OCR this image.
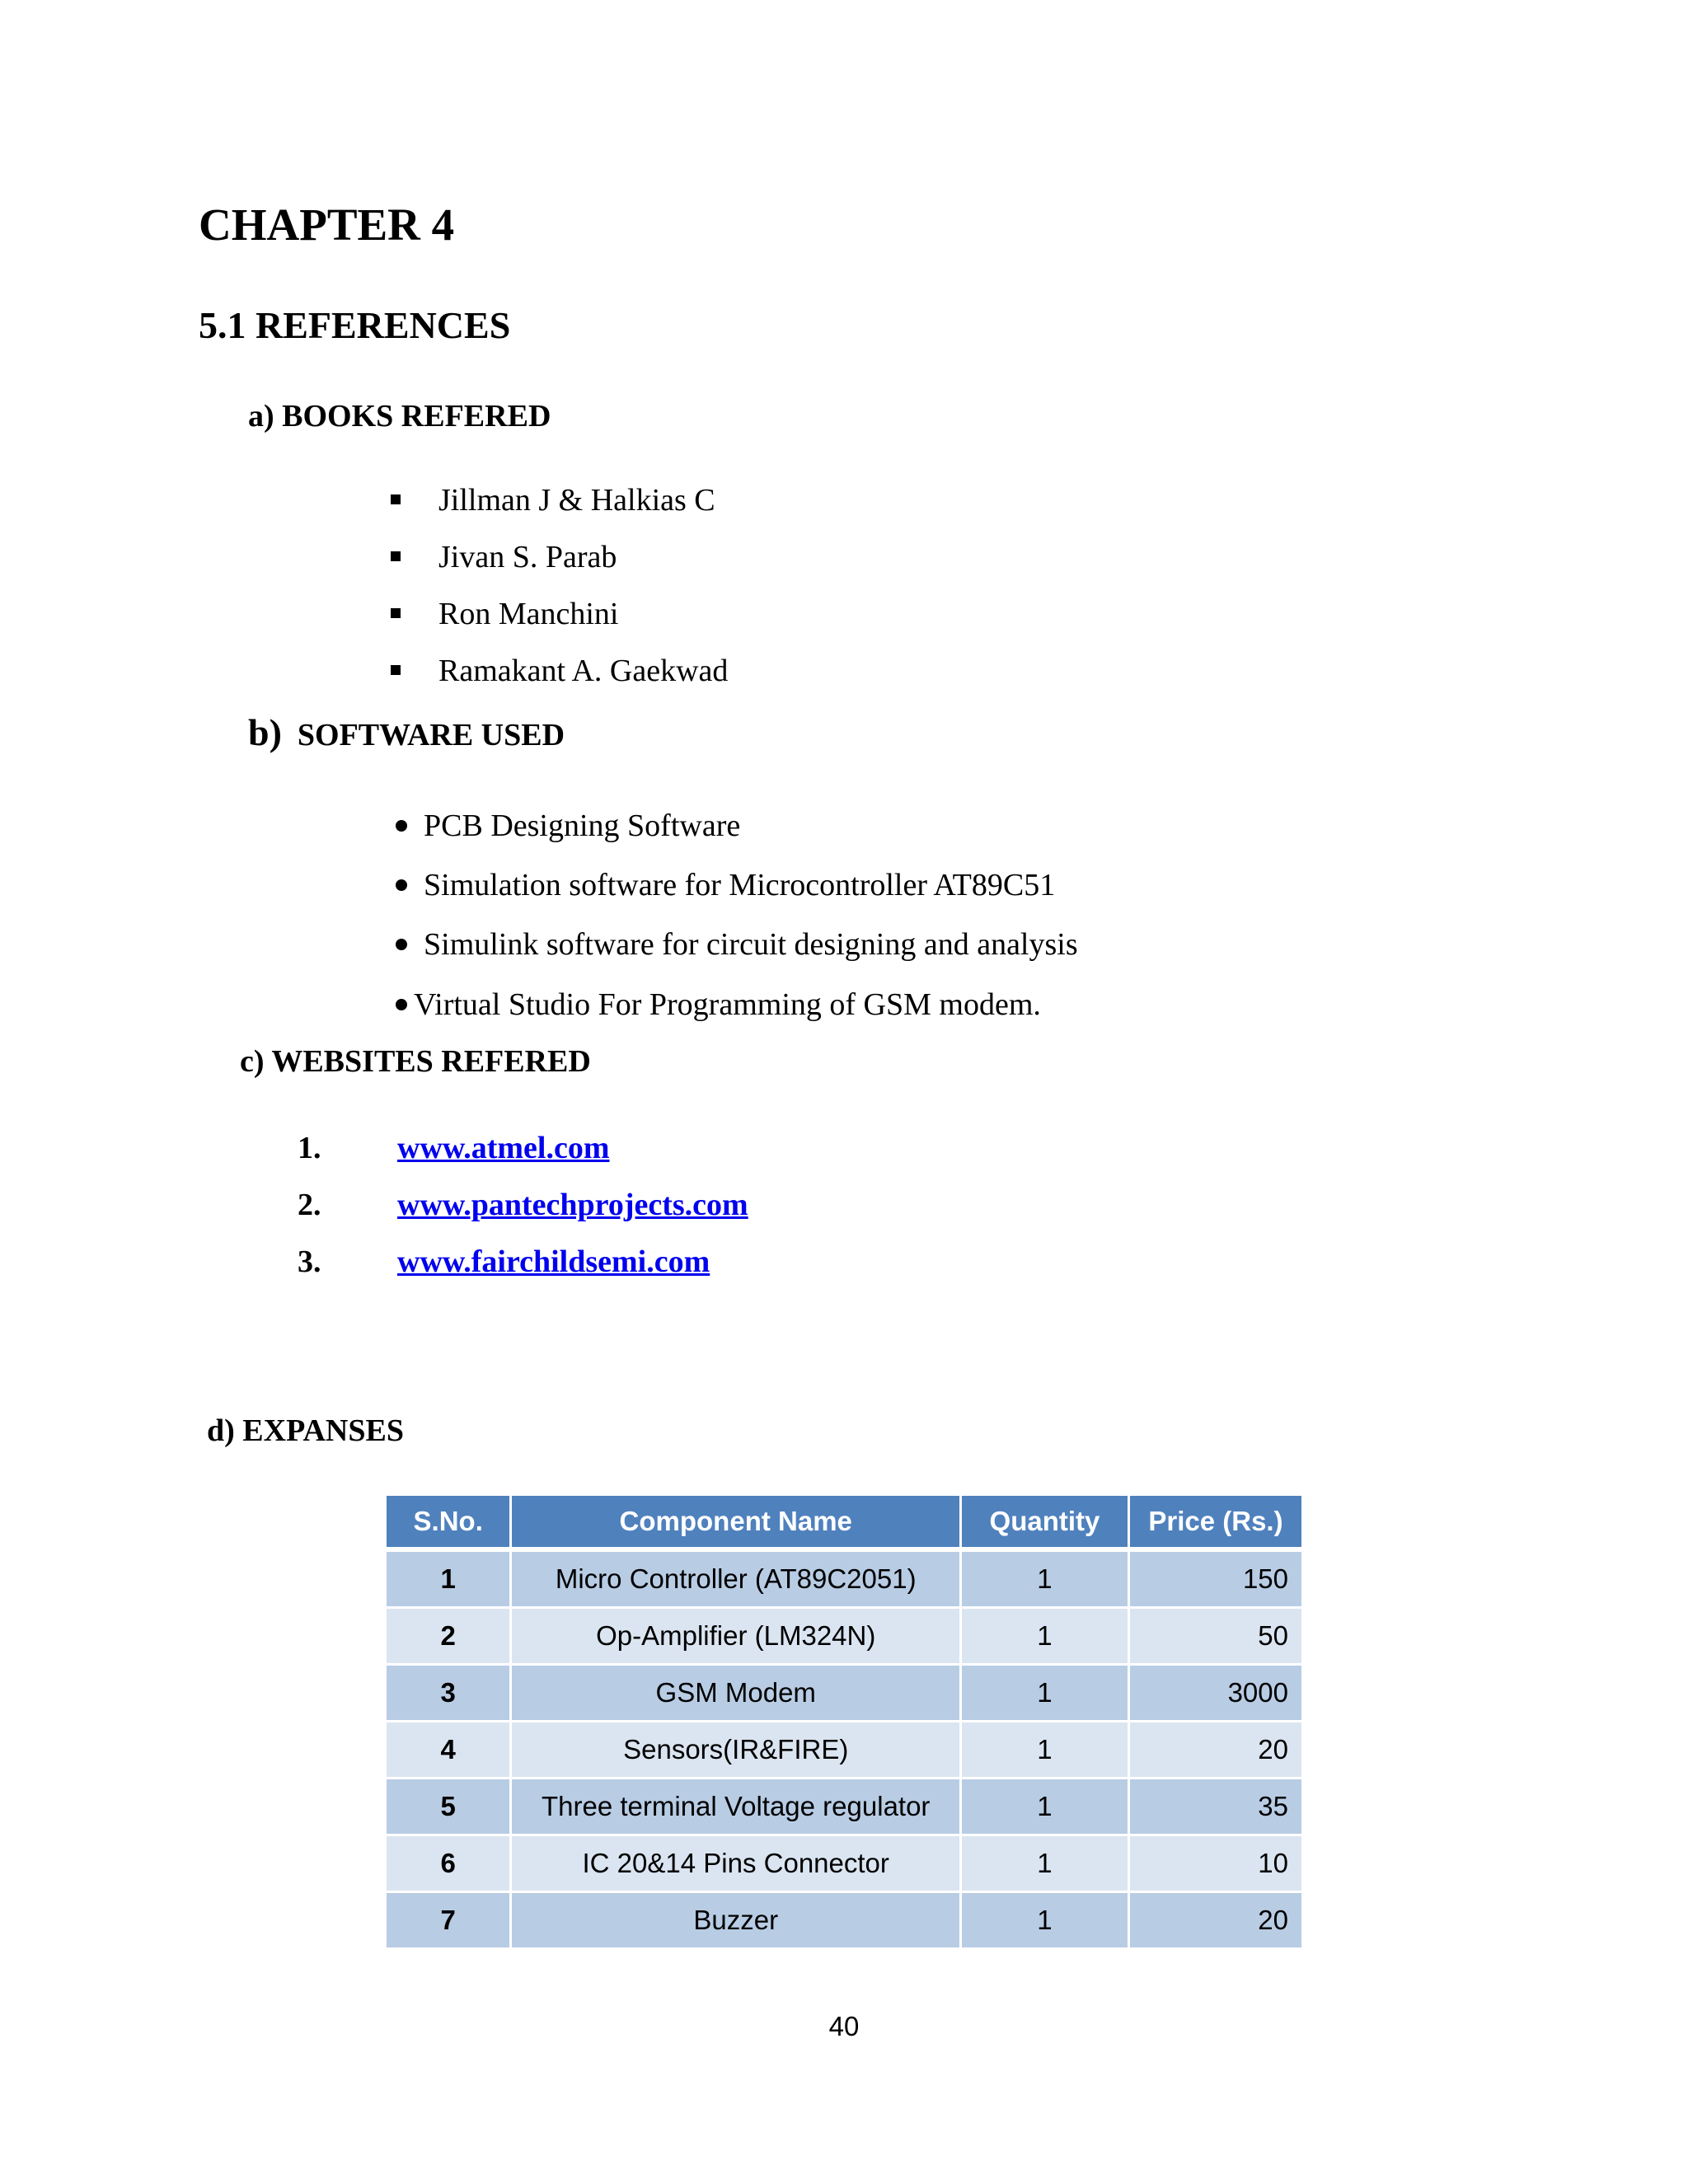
CHAPTER 4
5.1 REFERENCES
a) BOOKS REFERED
Jillman J & Halkias C
Jivan S. Parab
Ron Manchini
Ramakant A. Gaekwad
b) SOFTWARE USED
PCB Designing Software
Simulation software for Microcontroller AT89C51
Simulink software for circuit designing and analysis
Virtual Studio For Programming of GSM modem.
c) WEBSITES REFERED
1. www.atmel.com
2. www.pantechprojects.com
3. www.fairchildsemi.com
d) EXPANSES
S.No.	Component Name	Quantity	Price (Rs.)
1	Micro Controller (AT89C2051)	1	150
2	Op-Amplifier (LM324N)	1	50
3	GSM Modem	1	3000
4	Sensors(IR&FIRE)	1	20
5	Three terminal Voltage regulator	1	35
6	IC 20&14 Pins Connector	1	10
7	Buzzer	1	20
40
